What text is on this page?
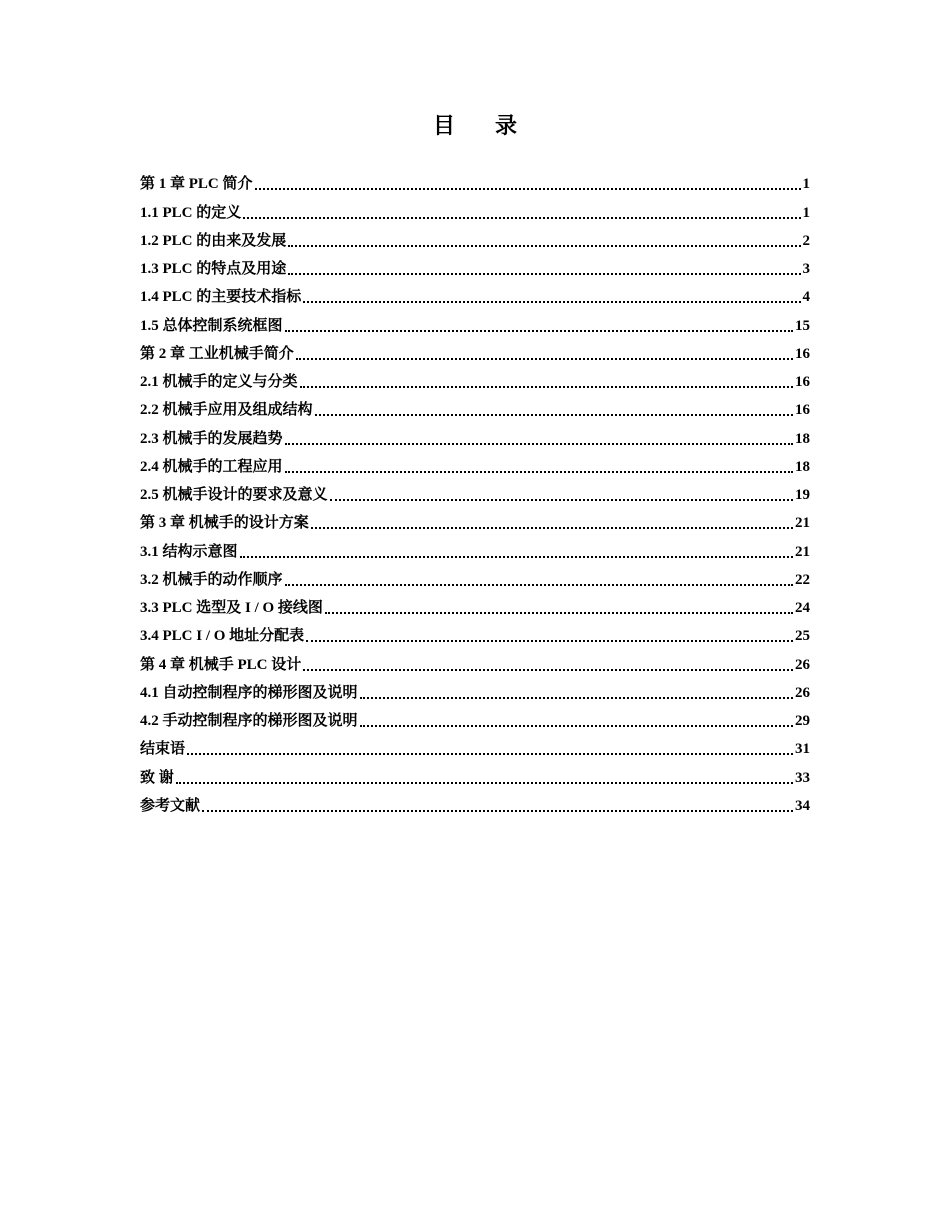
目 录
第 1 章 PLC 简介	1
1.1 PLC 的定义	1
1.2 PLC 的由来及发展	2
1.3 PLC 的特点及用途	3
1.4 PLC 的主要技术指标	4
1.5 总体控制系统框图	15
第 2 章 工业机械手简介	16
2.1 机械手的定义与分类	16
2.2 机械手应用及组成结构	16
2.3 机械手的发展趋势	18
2.4 机械手的工程应用	18
2.5 机械手设计的要求及意义	19
第 3 章 机械手的设计方案	21
3.1 结构示意图	21
3.2 机械手的动作顺序	22
3.3 PLC 选型及 I / O 接线图	24
3.4 PLC I / O 地址分配表	25
第 4 章 机械手 PLC 设计	26
4.1 自动控制程序的梯形图及说明	26
4.2 手动控制程序的梯形图及说明	29
结束语	31
致 谢	33
参考文献	34
